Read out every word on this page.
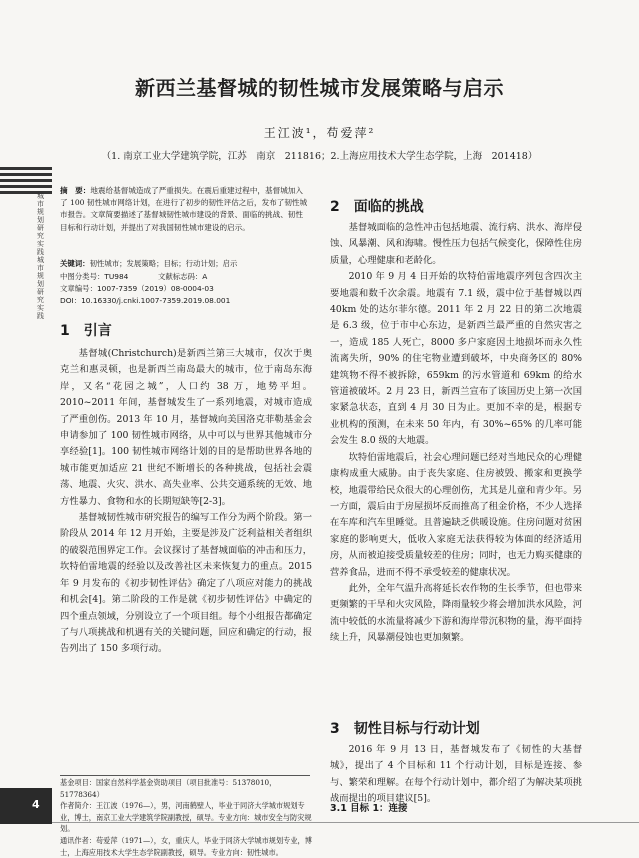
城市规划研究实践城市规划研究实践
新西兰基督城的韧性城市发展策略与启示
王江波¹，苟爱萍²
（1. 南京工业大学建筑学院，江苏　南京　211816；2.上海应用技术大学生态学院，上海　201418）
摘　要：地震给基督城造成了严重损失。在震后重建过程中，基督城加入了 100 韧性城市网络计划，在进行了初步的韧性评估之后，发布了韧性城市报告。文章简要描述了基督城韧性城市建设的背景、面临的挑战、韧性目标和行动计划，并提出了对我国韧性城市建设的启示。
关键词：韧性城市；发展策略；目标；行动计划；启示
中图分类号：TU984　　　　文献标志码：A
文章编号：1007-7359（2019）08-0004-03
DOI：10.16330/j.cnki.1007-7359.2019.08.001
1 引言

基督城(Christchurch)是新西兰第三大城市，仅次于奥克兰和惠灵顿，也是新西兰南岛最大的城市，位于南岛东海岸，又名“花园之城”，人口约 38 万，地势平坦。2010~2011 年间，基督城发生了一系列地震，对城市造成了严重创伤。2013 年 10 月，基督城向美国洛克菲勒基金会申请参加了 100 韧性城市网络，从中可以与世界其他城市分享经验[1]。100 韧性城市网络计划的目的是帮助世界各地的城市能更加适应 21 世纪不断增长的各种挑战，包括社会震荡、地震、火灾、洪水、高失业率、公共交通系统的无效、地方性暴力、食物和水的长期短缺等[2-3]。

基督城韧性城市研究报告的编写工作分为两个阶段。第一阶段从 2014 年 12 月开始，主要是涉及广泛利益相关者组织的破裂范围界定工作。会议探讨了基督城面临的冲击和压力，坎特伯雷地震的经验以及改善社区未来恢复力的重点。2015 年 9 月发布的《初步韧性评估》确定了八项应对能力的挑战和机会[4]。第二阶段的工作是就《初步韧性评估》中确定的四个重点领域，分别设立了一个项目组。每个小组报告都确定了与八项挑战和机遇有关的关键问题，回应和确定的行动，报告列出了 150 多项行动。

基金项目：国家自然科学基金资助项目（项目批准号：51378010，51778364）
作者简介：王江波（1976—），男，河南鹤壁人，毕业于同济大学城市规划专业，博士，南京工业大学建筑学院副教授，硕导。专业方向：城市安全与防灾规划。
通讯作者：苟爱萍（1971—），女，重庆人，毕业于同济大学城市规划专业，博士，上海应用技术大学生态学院副教授，硕导。专业方向：韧性城市。
2 面临的挑战

基督城面临的急性冲击包括地震、流行病、洪水、海岸侵蚀、风暴潮、风和海啸。慢性压力包括气候变化，保障性住房质量，心理健康和老龄化。

2010 年 9 月 4 日开始的坎特伯雷地震序列包含四次主要地震和数千次余震。地震有 7.1 级，震中位于基督城以西 40km 处的达尔菲尔德。2011 年 2 月 22 日的第二次地震是 6.3 级，位于市中心东边，是新西兰最严重的自然灾害之一，造成 185 人死亡，8000 多户家庭因土地损坏而永久性流离失所，90% 的住宅物业遭到破坏，中央商务区的 80% 建筑物不得不被拆除，659km 的污水管道和 69km 的给水管道被破坏。2 月 23 日，新西兰宣布了该国历史上第一次国家紧急状态，直到 4 月 30 日为止。更加不幸的是，根据专业机构的预测，在未来 50 年内，有 30%~65% 的几率可能会发生 8.0 级的大地震。

坎特伯雷地震后，社会心理问题已经对当地民众的心理健康构成重大威胁。由于丧失家庭、住房被毁、搬家和更换学校，地震带给民众很大的心理创伤，尤其是儿童和青少年。另一方面，震后由于房屋损坏反而推高了租金价格，不少人选择在车库和汽车里睡觉。且普遍缺乏供暖设施。住房问题对贫困家庭的影响更大，低收入家庭无法获得较为体面的经济适用房，从而被迫接受质量较差的住房；同时，也无力购买健康的营养食品，进而不得不承受较差的健康状况。

此外，全年气温升高将延长农作物的生长季节，但也带来更频繁的干旱和火灾风险，降雨量较少将会增加洪水风险，河流中较低的水流量将减少下游和海岸带沉积物的量，海平面持续上升，风暴潮侵蚀也更加频繁。

3 韧性目标与行动计划

2016 年 9 月 13 日，基督城发布了《韧性的大基督城》，提出了 4 个目标和 11 个行动计划，目标是连接、参与、繁荣和理解。在每个行动计划中，都介绍了为解决某项挑战而提出的项目建议[5]。

3.1 目标 1：连接
4
